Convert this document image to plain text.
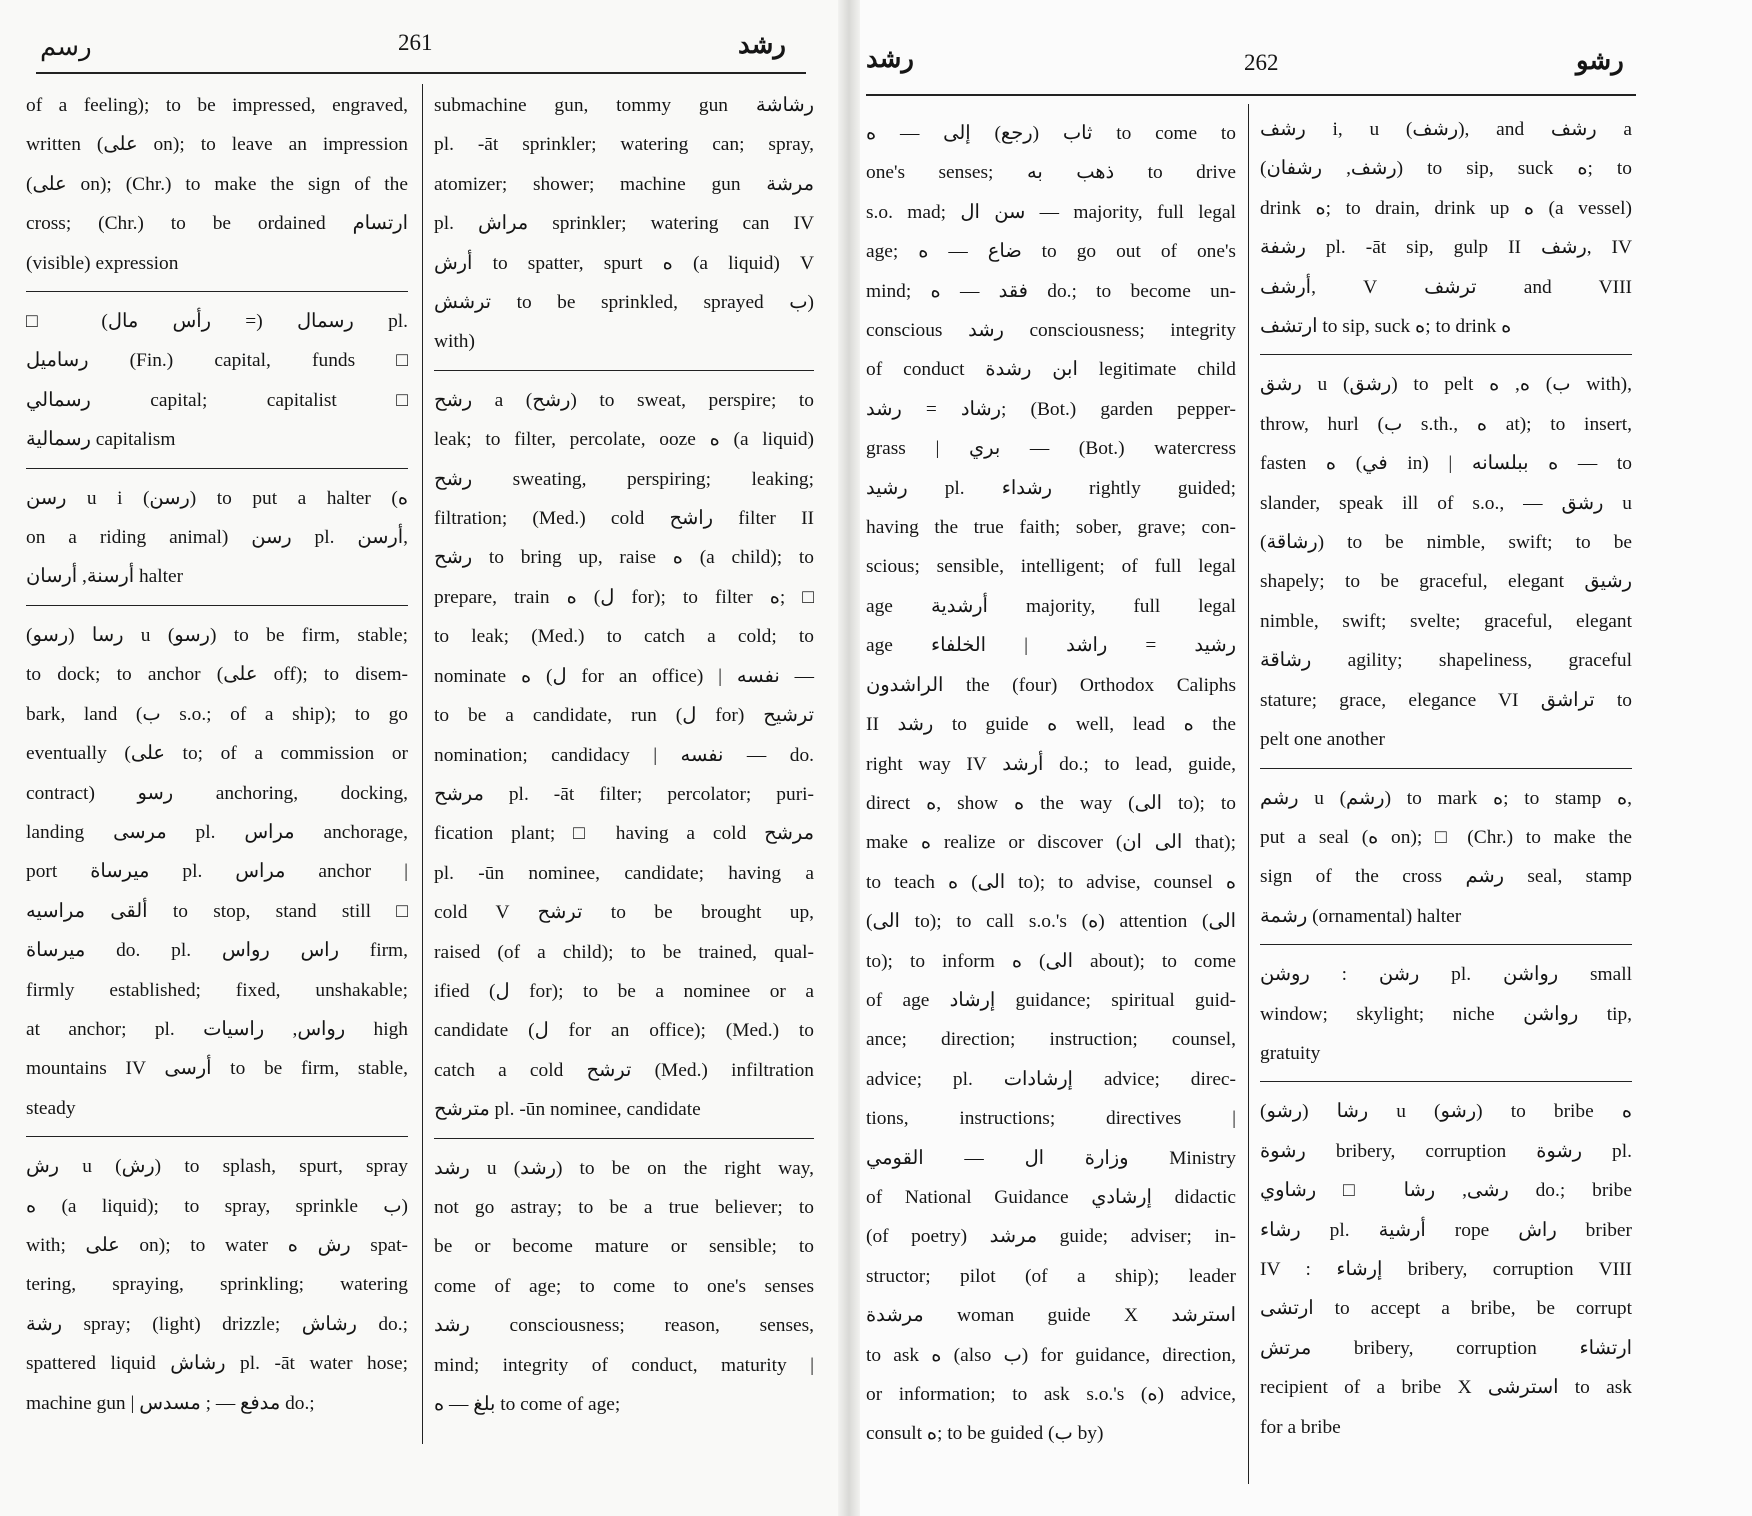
رسم	261	رشد

of a feeling); to be impressed, engraved,

written (على on); to leave an impression

(على on); (Chr.) to make the sign of the

cross; (Chr.) to be ordained ارتسام

(visible) expression

□ (رأس مال =) رسمال pl.

رساميل (Fin.) capital, funds □

رسمالي capital; capitalist □

رسمالية capitalism

رسن u i (رسن) to put a halter (ه

on a riding animal) رسن pl. أرسن,

أرسنة, أرسان halter

(رسو) رسا u (رسو) to be firm, stable;

to dock; to anchor (على off); to disem-

bark, land (ب s.o.; of a ship); to go

eventually (على to; of a commission or

contract) رسو anchoring, docking,

landing مرسى pl. مراس anchorage,

port ميرساة pl. مراس anchor |

ألقى مراسيه to stop, stand still □

ميرساة do. pl. راس رواس firm,

firmly established; fixed, unshakable;

at anchor; pl. رواس, راسيات high

mountains IV أرسى to be firm, stable,

steady

رش u (رش) to splash, spurt, spray

ه (a liquid); to spray, sprinkle ب)

with; على on); to water رش ه spat-

tering, spraying, sprinkling; watering

رشة spray; (light) drizzle; رشاش do.;

spattered liquid رشاش pl. -āt water hose;

machine gun | مدفع — ; مسدس do.;

submachine gun, tommy gun رشاشة

pl. -āt sprinkler; watering can; spray,

atomizer; shower; machine gun مرشة

pl. مراش sprinkler; watering can IV

أرش to spatter, spurt ه (a liquid) V

ترشش to be sprinkled, sprayed ب)

with)

رشح a (رشح) to sweat, perspire; to

leak; to filter, percolate, ooze ه (a liquid)

رشح sweating, perspiring; leaking;

filtration; (Med.) cold راشح filter II

رشح to bring up, raise ه (a child); to

prepare, train ه (ل for); to filter ه; □

to leak; (Med.) to catch a cold; to

nominate ه (ل for an office) | نفسه —

to be a candidate, run (ل for) ترشيح

nomination; candidacy | نفسه — do.

مرشح pl. -āt filter; percolator; puri-

fication plant; □ having a cold مرشح

pl. -ūn nominee, candidate; having a

cold V ترشح to be brought up,

raised (of a child); to be trained, qual-

ified (ل for); to be a nominee or a

candidate (ل for an office); (Med.) to

catch a cold ترشح (Med.) infiltration

مترشح pl. -ūn nominee, candidate

رشد u (رشد) to be on the right way,

not go astray; to be a true believer; to

be or become mature or sensible; to

come of age; to come to one's senses

رشد consciousness; reason, senses,

mind; integrity of conduct, maturity |

بلغ — ه to come of age;

رشد	262	رشو

ثاب (رجع) إلى — ه to come to

one's senses; ذهب به to drive

s.o. mad; سن ال — majority, full legal

age; ضاع — ه to go out of one's

mind; فقد — ه do.; to become un-

conscious رشد consciousness; integrity

of conduct ابن رشدة legitimate child

رشاد = رشد; (Bot.) garden pepper-

grass | بري — (Bot.) watercress

رشيد pl. رشداء rightly guided;

having the true faith; sober, grave; con-

scious; sensible, intelligent; of full legal

age أرشدية majority, full legal

age رشيد = راشد | الخلفاء

الراشدون the (four) Orthodox Caliphs

II رشد to guide ه well, lead ه the

right way IV أرشد do.; to lead, guide,

direct ه, show ه the way (الى to); to

make ه realize or discover (الى ان that);

to teach ه (الى to); to advise, counsel ه

(الى to); to call s.o.'s (ه) attention (الى

to); to inform ه (الى about); to come

of age إرشاد guidance; spiritual guid-

ance; direction; instruction; counsel,

advice; pl. إرشادات advice; direc-

tions, instructions; directives |

وزارة ال — القومي Ministry

of National Guidance إرشادي didactic

(of poetry) مرشد guide; adviser; in-

structor; pilot (of a ship); leader

مرشدة woman guide X استرشد

to ask ه (also ب) for guidance, direction,

or information; to ask s.o.'s (ه) advice,

consult ه; to be guided (ب by)

رشف i, u (رشف), and رشف a

(رشف, رشفان) to sip, suck ه; to

drink ه; to drain, drink up ه (a vessel)

رشفة pl. -āt sip, gulp II رشف, IV

أرشف, V ترشف and VIII

ارتشف to sip, suck ه; to drink ه

رشق u (رشق) to pelt ه, ه (ب with),

throw, hurl (ب s.th., ه at); to insert,

fasten ه (في in) | ه ببلسانه — to

slander, speak ill of s.o., — رشق u

(رشاقة) to be nimble, swift; to be

shapely; to be graceful, elegant رشيق

nimble, swift; svelte; graceful, elegant

رشاقة agility; shapeliness, graceful

stature; grace, elegance VI تراشق to

pelt one another

رشم u (رشم) to mark ه; to stamp ه,

put a seal (ه on); □ (Chr.) to make the

sign of the cross رشم seal, stamp

رشمة (ornamental) halter

رشن : روشن pl. رواشن small

window; skylight; niche رواشن tip,

gratuity

(رشو) رشا u (رشو) to bribe ه

رشوة bribery, corruption رشوة pl.

رشى, رشا □ رشاوي do.; bribe

رشاء pl. أرشية rope راش briber

IV : إرشاء bribery, corruption VIII

ارتشى to accept a bribe, be corrupt

مرتش bribery, corruption ارتشاء

recipient of a bribe X استرشى to ask

for a bribe
